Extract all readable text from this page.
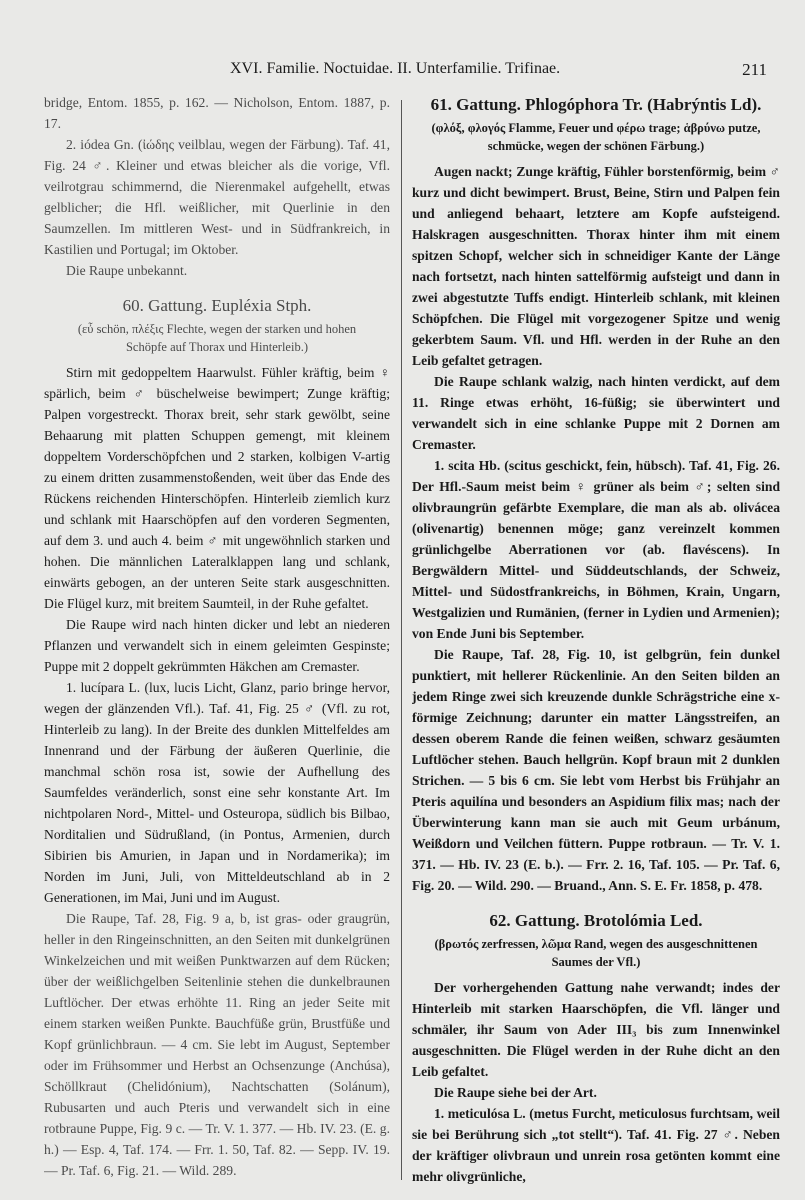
XVI. Familie. Noctuidae. II. Unterfamilie. Trifinae.	211

bridge, Entom. 1855, p. 162. — Nicholson, Entom. 1887, p. 17.

2. iódea Gn. (ἰώδης veilblau, wegen der Färbung). Taf. 41, Fig. 24 ♂. Kleiner und etwas bleicher als die vorige, Vfl. veilrotgrau schimmernd, die Nierenmakel aufgehellt, etwas gelblicher; die Hfl. weißlicher, mit Querlinie in den Saumzellen. Im mittleren West- und in Südfrankreich, in Kastilien und Portugal; im Oktober.

Die Raupe unbekannt.

60. Gattung. Eupléxia Stph.

(εὖ schön, πλέξις Flechte, wegen der starken und hohen Schöpfe auf Thorax und Hinterleib.)

Stirn mit gedoppeltem Haarwulst. Fühler kräftig, beim ♀ spärlich, beim ♂ büschelweise bewimpert; Zunge kräftig; Palpen vorgestreckt. Thorax breit, sehr stark gewölbt, seine Behaarung mit platten Schuppen gemengt, mit kleinem doppeltem Vorderschöpfchen und 2 starken, kolbigen V-artig zu einem dritten zusammenstoßenden, weit über das Ende des Rückens reichenden Hinterschöpfen. Hinterleib ziemlich kurz und schlank mit Haarschöpfen auf den vorderen Segmenten, auf dem 3. und auch 4. beim ♂ mit ungewöhnlich starken und hohen. Die männlichen Lateralklappen lang und schlank, einwärts gebogen, an der unteren Seite stark ausgeschnitten. Die Flügel kurz, mit breitem Saumteil, in der Ruhe gefaltet.

Die Raupe wird nach hinten dicker und lebt an niederen Pflanzen und verwandelt sich in einem geleimten Gespinste; Puppe mit 2 doppelt gekrümmten Häkchen am Cremaster.

1. lucípara L. (lux, lucis Licht, Glanz, pario bringe hervor, wegen der glänzenden Vfl.). Taf. 41, Fig. 25 ♂ (Vfl. zu rot, Hinterleib zu lang). In der Breite des dunklen Mittelfeldes am Innenrand und der Färbung der äußeren Querlinie, die manchmal schön rosa ist, sowie der Aufhellung des Saumfeldes veränderlich, sonst eine sehr konstante Art. Im nichtpolaren Nord-, Mittel- und Osteuropa, südlich bis Bilbao, Norditalien und Südrußland, (in Pontus, Armenien, durch Sibirien bis Amurien, in Japan und in Nordamerika); im Norden im Juni, Juli, von Mitteldeutschland ab in 2 Generationen, im Mai, Juni und im August.

Die Raupe, Taf. 28, Fig. 9 a, b, ist gras- oder graugrün, heller in den Ringeinschnitten, an den Seiten mit dunkelgrünen Winkelzeichen und mit weißen Punktwarzen auf dem Rücken; über der weißlichgelben Seitenlinie stehen die dunkelbraunen Luftlöcher. Der etwas erhöhte 11. Ring an jeder Seite mit einem starken weißen Punkte. Bauchfüße grün, Brustfüße und Kopf grünlichbraun. — 4 cm. Sie lebt im August, September oder im Frühsommer und Herbst an Ochsenzunge (Anchúsa), Schöllkraut (Chelidónium), Nachtschatten (Solánum), Rubusarten und auch Pteris und verwandelt sich in eine rotbraune Puppe, Fig. 9 c. — Tr. V. 1. 377. — Hb. IV. 23. (E. g. h.) — Esp. 4, Taf. 174. — Frr. 1. 50, Taf. 82. — Sepp. IV. 19. — Pr. Taf. 6, Fig. 21. — Wild. 289.

61. Gattung. Phlogóphora Tr. (Habrýntis Ld).

(φλόξ, φλογός Flamme, Feuer und φέρω trage; ἁβρύνω putze, schmücke, wegen der schönen Färbung.)

Augen nackt; Zunge kräftig, Fühler borstenförmig, beim ♂ kurz und dicht bewimpert. Brust, Beine, Stirn und Palpen fein und anliegend behaart, letztere am Kopfe aufsteigend. Halskragen ausgeschnitten. Thorax hinter ihm mit einem spitzen Schopf, welcher sich in schneidiger Kante der Länge nach fortsetzt, nach hinten sattelförmig aufsteigt und dann in zwei abgestutzte Tuffs endigt. Hinterleib schlank, mit kleinen Schöpfchen. Die Flügel mit vorgezogener Spitze und wenig gekerbtem Saum. Vfl. und Hfl. werden in der Ruhe an den Leib gefaltet getragen.

Die Raupe schlank walzig, nach hinten verdickt, auf dem 11. Ringe etwas erhöht, 16-füßig; sie überwintert und verwandelt sich in eine schlanke Puppe mit 2 Dornen am Cremaster.

1. scita Hb. (scitus geschickt, fein, hübsch). Taf. 41, Fig. 26. Der Hfl.-Saum meist beim ♀ grüner als beim ♂; selten sind olivbraungrün gefärbte Exemplare, die man als ab. olivácea (olivenartig) benennen möge; ganz vereinzelt kommen grünlichgelbe Aberrationen vor (ab. flavéscens). In Bergwäldern Mittel- und Süddeutschlands, der Schweiz, Mittel- und Südostfrankreichs, in Böhmen, Krain, Ungarn, Westgalizien und Rumänien, (ferner in Lydien und Armenien); von Ende Juni bis September.

Die Raupe, Taf. 28, Fig. 10, ist gelbgrün, fein dunkel punktiert, mit hellerer Rückenlinie. An den Seiten bilden an jedem Ringe zwei sich kreuzende dunkle Schrägstriche eine x-förmige Zeichnung; darunter ein matter Längsstreifen, an dessen oberem Rande die feinen weißen, schwarz gesäumten Luftlöcher stehen. Bauch hellgrün. Kopf braun mit 2 dunklen Strichen. — 5 bis 6 cm. Sie lebt vom Herbst bis Frühjahr an Pteris aquilína und besonders an Aspidium filix mas; nach der Überwinterung kann man sie auch mit Geum urbánum, Weißdorn und Veilchen füttern. Puppe rotbraun. — Tr. V. 1. 371. — Hb. IV. 23 (E. b.). — Frr. 2. 16, Taf. 105. — Pr. Taf. 6, Fig. 20. — Wild. 290. — Bruand., Ann. S. E. Fr. 1858, p. 478.

62. Gattung. Brotolómia Led.

(βρωτός zerfressen, λῶμα Rand, wegen des ausgeschnittenen Saumes der Vfl.)

Der vorhergehenden Gattung nahe verwandt; indes der Hinterleib mit starken Haarschöpfen, die Vfl. länger und schmäler, ihr Saum von Ader III₃ bis zum Innenwinkel ausgeschnitten. Die Flügel werden in der Ruhe dicht an den Leib gefaltet.

Die Raupe siehe bei der Art.

1. meticulósa L. (metus Furcht, meticulosus furchtsam, weil sie bei Berührung sich „tot stellt“). Taf. 41. Fig. 27 ♂. Neben der kräftiger olivbraun und unrein rosa getönten kommt eine mehr olivgrünliche,
